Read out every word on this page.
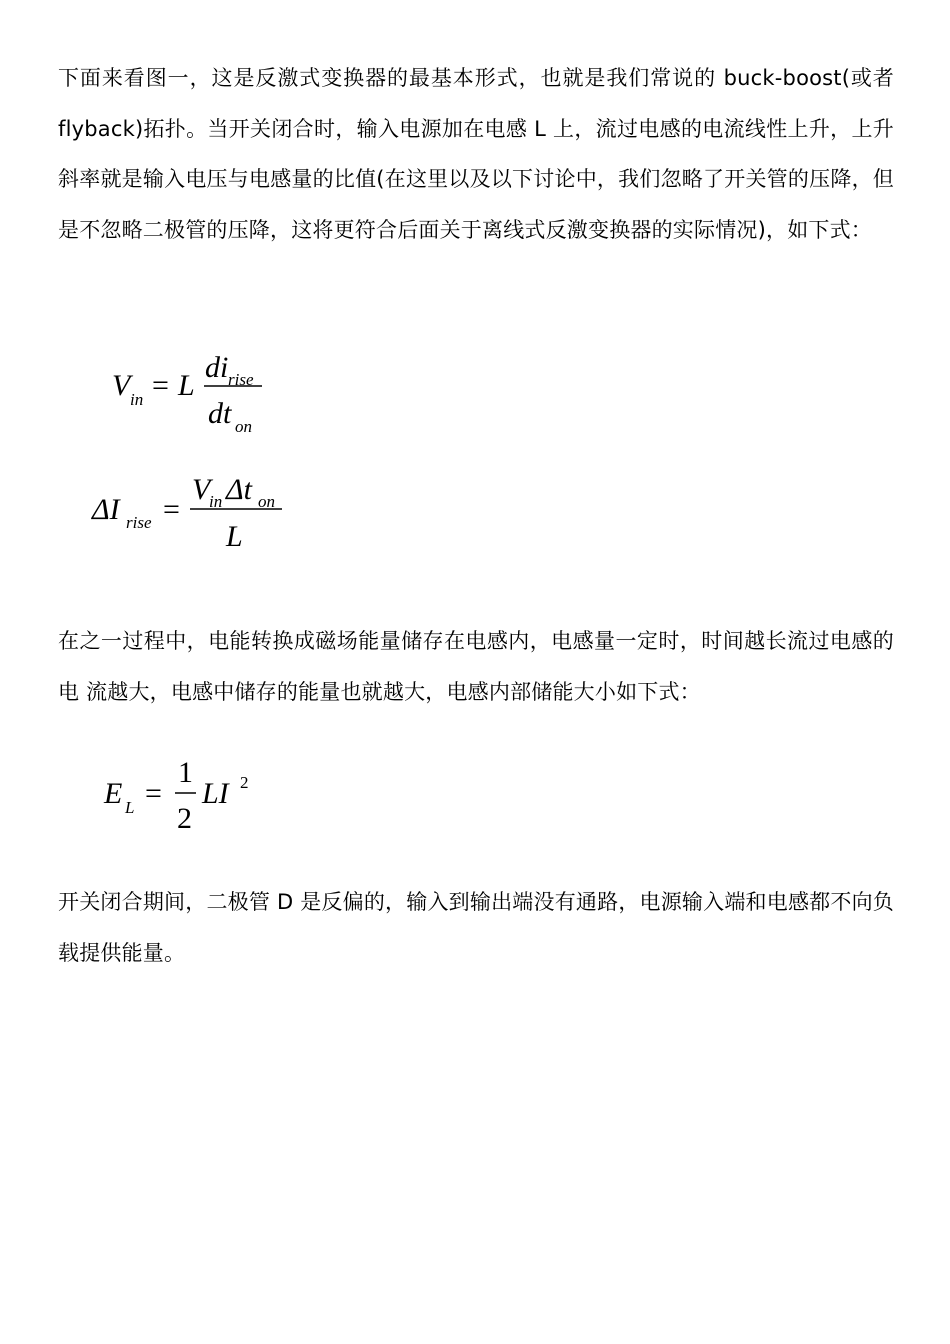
下面来看图一，这是反激式变换器的最基本形式，也就是我们常说的 buck-boost(或者 flyback)拓扑。当开关闭合时，输入电源加在电感 L 上，流过电感的电流线性上升，上升 斜率就是输入电压与电感量的比值(在这里以及以下讨论中，我们忽略了开关管的压降，但 是不忽略二极管的压降，这将更符合后面关于离线式反激变换器的实际情况)，如下式：

V in = L
di rise
dt on
ΔI rise =
V
in Δt on
L

在之一过程中，电能转换成磁场能量储存在电感内，电感量一定时，时间越长流过电感的电 流越大，电感中储存的能量也就越大，电感内部储能大小如下式：

E L =
1
2
LI 2

开关闭合期间，二极管 D 是反偏的，输入到输出端没有通路，电源输入端和电感都不向负 载提供能量。
